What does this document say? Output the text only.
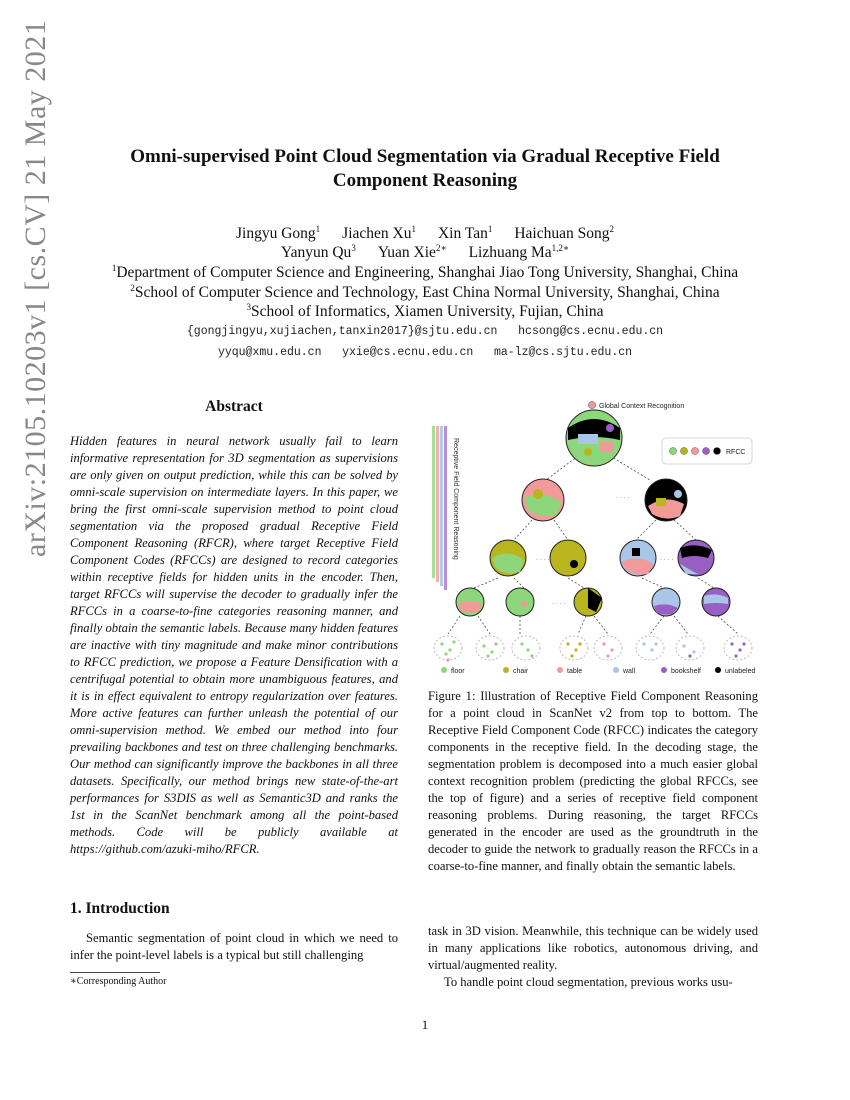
arXiv:2105.10203v1 [cs.CV] 21 May 2021	Omni-supervised Point Cloud Segmentation via Gradual Receptive Field Component Reasoning
Jingyu Gong$^1$ Jiachen Xu$^1$ Xin Tan$^1$ Haichuan Song$^2$
Yanyun Qu$^3$ Yuan Xie$^{2∗}$ Lizhuang $Ma^{1,2∗}$
$^1$Department of Computer Science and Engineering, Shanghai Jiao Tong University, Shanghai, China
$^2$School of Computer Science and Technology, East China Normal University, Shanghai, China
$^3$School of Informatics, Xiamen University, Fujian, China
{gongjingyu,xujiachen,tanxin2017}@sjtu.edu.cn   hcsong@cs.ecnu.edu.cn
yyqu@xmu.edu.cn   yxie@cs.ecnu.edu.cn   ma-lz@cs.sjtu.edu.cn
Abstract
Hidden features in neural network usually fail to learn informative representation for 3D segmentation as supervisions are only given on output prediction, while this can be solved by omni-scale supervision on intermediate layers. In this paper, we bring the first omni-scale supervision method to point cloud segmentation via the proposed gradual Receptive Field Component Reasoning (RFCR), where target Receptive Field Component Codes (RFCCs) are designed to record categories within receptive fields for hidden units in the encoder. Then, target RFCCs will supervise the decoder to gradually infer the RFCCs in a coarse-to-fine categories reasoning manner, and finally obtain the semantic labels. Because many hidden features are inactive with tiny magnitude and make minor contributions to RFCC prediction, we propose a Feature Densification with a centrifugal potential to obtain more unambiguous features, and it is in effect equivalent to entropy regularization over features. More active features can further unleash the potential of our omni-supervision method. We embed our method into four prevailing backbones and test on three challenging benchmarks. Our method can significantly improve the backbones in all three datasets. Specifically, our method brings new state-of-the-art performances for S3DIS as well as Semantic3D and ranks the 1st in the ScanNet benchmark among all the point-based methods. Code will be publicly available at https://github.com/azuki-miho/RFCR.
1. Introduction
Semantic segmentation of point cloud in which we need to infer the point-level labels is a typical but still challenging
∗Corresponding Author
Receptive Field Component Reasoning
Global Context Recognition
RFCC
. . . .
. . . .	. . . .
. . . .
floor	chair	table	wall	bookshelf	unlabeled
Figure 1: Illustration of Receptive Field Component Reasoning for a point cloud in ScanNet v2 from top to bottom. The Receptive Field Component Code (RFCC) indicates the category components in the receptive field. In the decoding stage, the segmentation problem is decomposed into a much easier global context recognition problem (predicting the global RFCCs, see the top of figure) and a series of receptive field component reasoning problems. During reasoning, the target RFCCs generated in the encoder are used as the groundtruth in the decoder to guide the network to gradually reason the RFCCs in a coarse-to-fine manner, and finally obtain the semantic labels.

task in 3D vision. Meanwhile, this technique can be widely used in many applications like robotics, autonomous driving, and virtual/augmented reality.

To handle point cloud segmentation, previous works usu-

1
